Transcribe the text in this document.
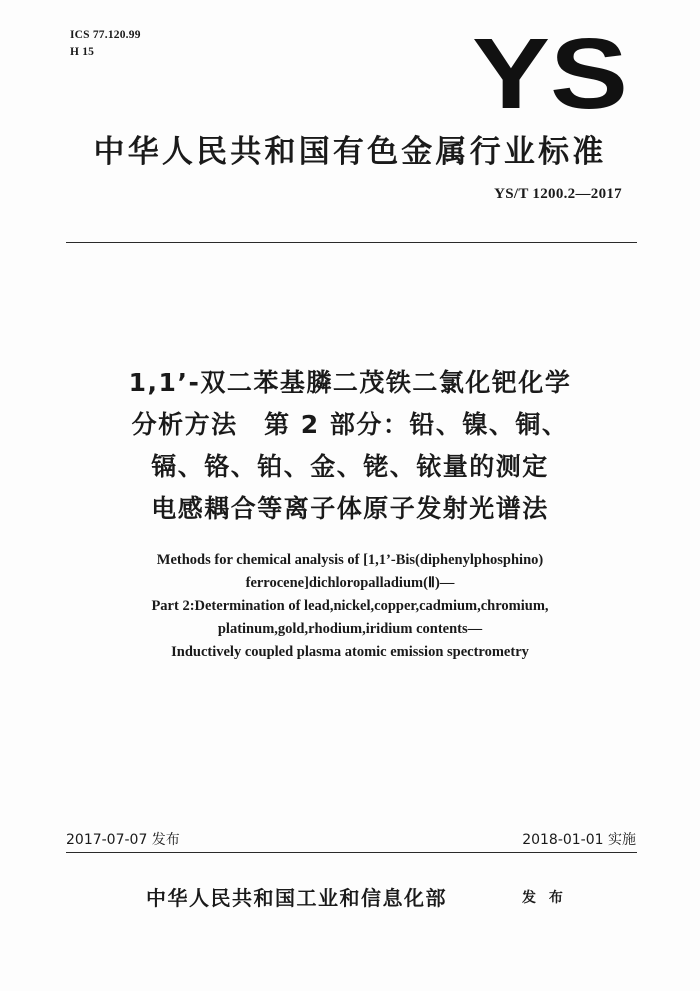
ICS 77.120.99
H 15	YS
中华人民共和国有色金属行业标准
YS/T 1200.2—2017
1,1’-双二苯基膦二茂铁二氯化钯化学
分析方法　第 2 部分：铅、镍、铜、
镉、铬、铂、金、铑、铱量的测定
电感耦合等离子体原子发射光谱法
Methods for chemical analysis of [1,1’-Bis(diphenylphosphino)
ferrocene]dichloropalladium(Ⅱ)—
Part 2:Determination of lead,nickel,copper,cadmium,chromium,
platinum,gold,rhodium,iridium contents—
Inductively coupled plasma atomic emission spectrometry
2017-07-07 发布	2018-01-01 实施
中华人民共和国工业和信息化部	发 布
